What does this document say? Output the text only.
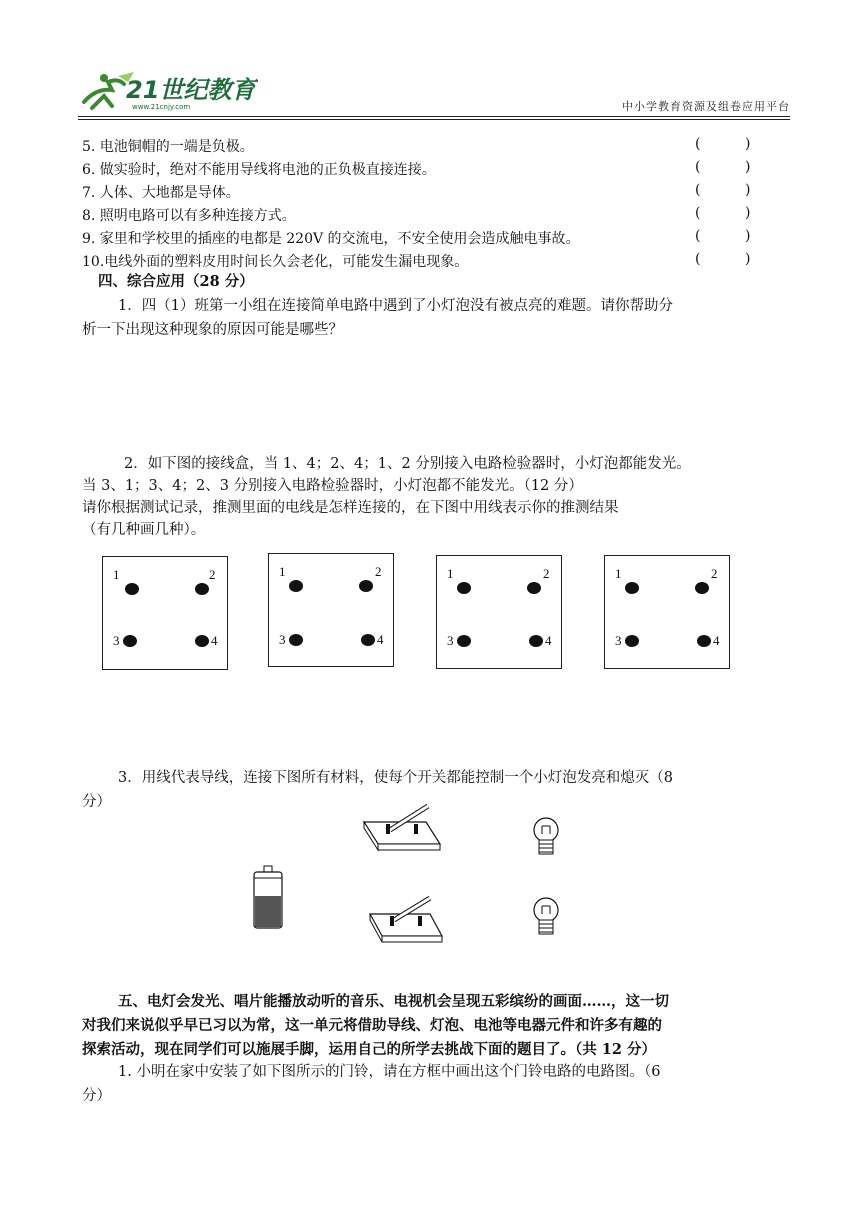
21世纪教育
www.21cnjy.com	中小学教育资源及组卷应用平台
5. 电池铜帽的一端是负极。	(          )
6. 做实验时，绝对不能用导线将电池的正负极直接连接。	(          )
7. 人体、大地都是导体。	(          )
8. 照明电路可以有多种连接方式。	(          )
9. 家里和学校里的插座的电都是 220V 的交流电，不安全使用会造成触电事故。	(          )
10.电线外面的塑料皮用时间长久会老化，可能发生漏电现象。	(          )
四、综合应用（28 分）
1．四（1）班第一小组在连接简单电路中遇到了小灯泡没有被点亮的难题。请你帮助分
析一下出现这种现象的原因可能是哪些？
2．如下图的接线盒，当 1、4；2、4；1、2 分别接入电路检验器时，小灯泡都能发光。
当 3、1；3、4；2、3 分别接入电路检验器时，小灯泡都不能发光。（12 分）
请你根据测试记录，推测里面的电线是怎样连接的，在下图中用线表示你的推测结果
（有几种画几种）。
1	2
3	4
1	2
3	4
1	2
3	4
1	2
3	4
3．用线代表导线，连接下图所有材料，使每个开关都能控制一个小灯泡发亮和熄灭（8
分）
五、电灯会发光、唱片能播放动听的音乐、电视机会呈现五彩缤纷的画面……，这一切
对我们来说似乎早已习以为常，这一单元将借助导线、灯泡、电池等电器元件和许多有趣的
探索活动，现在同学们可以施展手脚，运用自己的所学去挑战下面的题目了。（共 12 分）
1. 小明在家中安装了如下图所示的门铃，请在方框中画出这个门铃电路的电路图。（6
分）
